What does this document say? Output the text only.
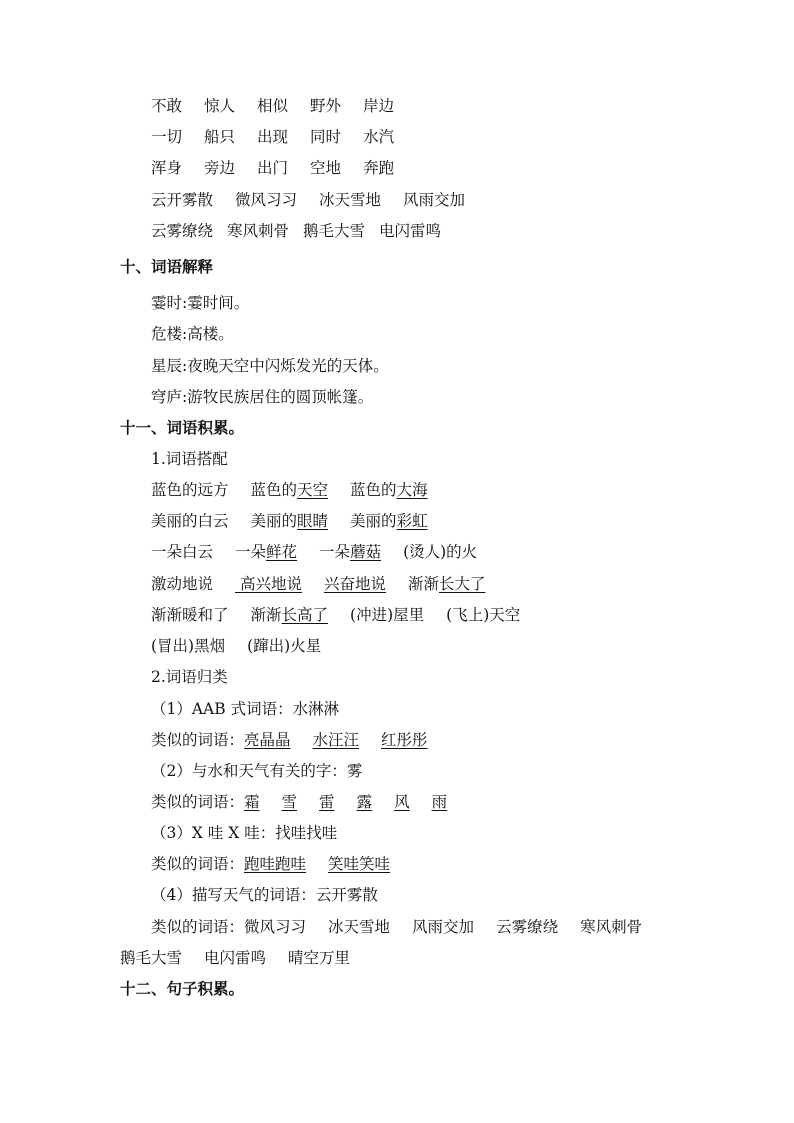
不敢 惊人 相似 野外 岸边
一切 船只 出现 同时 水汽
浑身 旁边 出门 空地 奔跑
云开雾散 微风习习 冰天雪地 风雨交加
云雾缭绕 寒风刺骨 鹅毛大雪 电闪雷鸣
十、词语解释
霎时:霎时间。
危楼:高楼。
星辰:夜晚天空中闪烁发光的天体。
穹庐:游牧民族居住的圆顶帐篷。
十一、词语积累。
1.词语搭配
蓝色的远方 蓝色的天空 蓝色的大海
美丽的白云 美丽的眼睛 美丽的彩虹
一朵白云 一朵鲜花 一朵蘑菇 (烫人)的火
激动地说 高兴地说 兴奋地说 渐渐长大了
渐渐暖和了 渐渐长高了 (冲进)屋里 (飞上)天空
(冒出)黑烟 (蹿出)火星
2.词语归类
（1）AAB 式词语：水淋淋
类似的词语：亮晶晶 水汪汪 红彤彤
（2）与水和天气有关的字：雾
类似的词语：霜 雪 雷 露 风 雨
（3）X 哇 X 哇：找哇找哇
类似的词语：跑哇跑哇 笑哇笑哇
（4）描写天气的词语：云开雾散
类似的词语：微风习习 冰天雪地 风雨交加 云雾缭绕 寒风刺骨
鹅毛大雪 电闪雷鸣 晴空万里
十二、句子积累。
